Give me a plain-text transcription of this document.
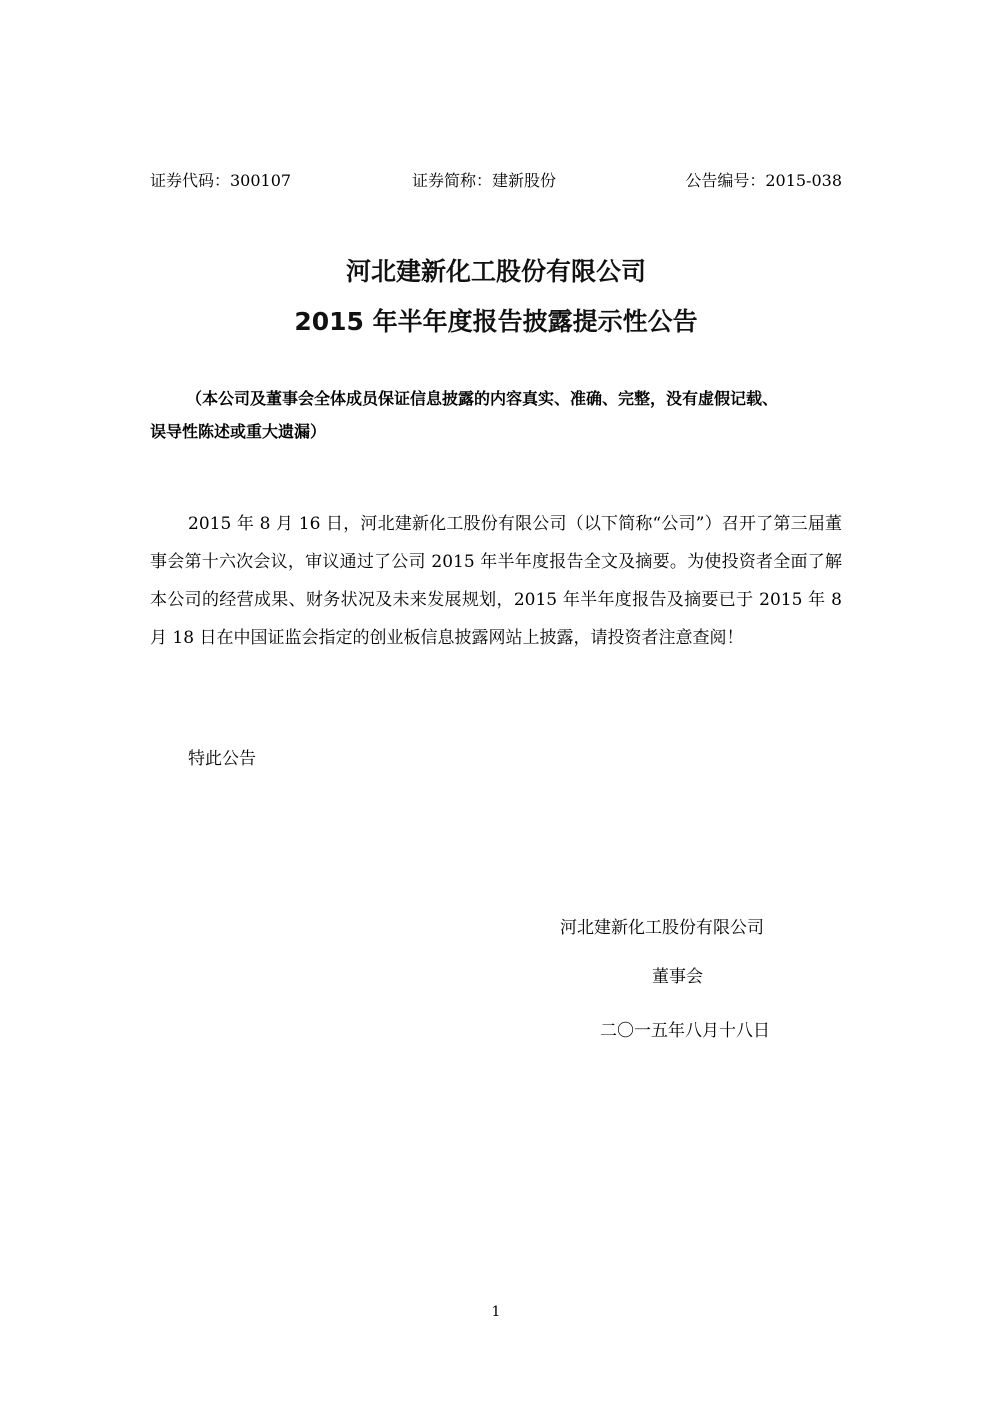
证券代码：300107	证券简称：建新股份	公告编号：2015-038
河北建新化工股份有限公司
2015 年半年度报告披露提示性公告

（本公司及董事会全体成员保证信息披露的内容真实、准确、完整，没有虚假记载、
误导性陈述或重大遗漏）

2015 年 8 月 16 日，河北建新化工股份有限公司（以下简称“公司”）召开了第三届董事会第十六次会议，审议通过了公司 2015 年半年度报告全文及摘要。为使投资者全面了解本公司的经营成果、财务状况及未来发展规划，2015 年半年度报告及摘要已于 2015 年 8 月 18 日在中国证监会指定的创业板信息披露网站上披露，请投资者注意查阅！

特此公告
河北建新化工股份有限公司
董事会
二〇一五年八月十八日
1
